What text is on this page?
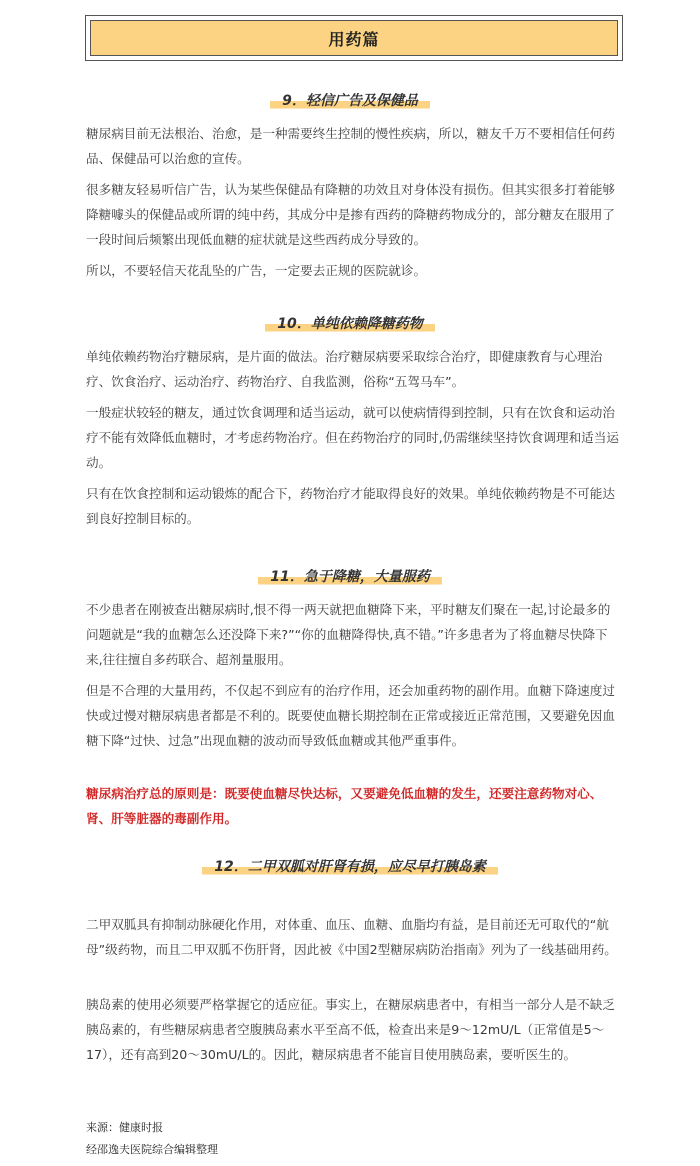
用药篇
9．轻信广告及保健品

糖尿病目前无法根治、治愈，是一种需要终生控制的慢性疾病，所以，糖友千万不要相信任何药品、保健品可以治愈的宣传。

很多糖友轻易听信广告，认为某些保健品有降糖的功效且对身体没有损伤。但其实很多打着能够降糖噱头的保健品或所谓的纯中药，其成分中是掺有西药的降糖药物成分的，部分糖友在服用了一段时间后频繁出现低血糖的症状就是这些西药成分导致的。

所以，不要轻信天花乱坠的广告，一定要去正规的医院就诊。

10．单纯依赖降糖药物

单纯依赖药物治疗糖尿病，是片面的做法。治疗糖尿病要采取综合治疗，即健康教育与心理治疗、饮食治疗、运动治疗、药物治疗、自我监测，俗称“五驾马车”。

一般症状较轻的糖友，通过饮食调理和适当运动，就可以使病情得到控制，只有在饮食和运动治疗不能有效降低血糖时，才考虑药物治疗。但在药物治疗的同时,仍需继续坚持饮食调理和适当运动。

只有在饮食控制和运动锻炼的配合下，药物治疗才能取得良好的效果。单纯依赖药物是不可能达到良好控制目标的。

11．急于降糖，大量服药

不少患者在刚被查出糖尿病时,恨不得一两天就把血糖降下来，平时糖友们聚在一起,讨论最多的问题就是“我的血糖怎么还没降下来?”“你的血糖降得快,真不错。”许多患者为了将血糖尽快降下来,往往擅自多药联合、超剂量服用。

但是不合理的大量用药，不仅起不到应有的治疗作用，还会加重药物的副作用。血糖下降速度过快或过慢对糖尿病患者都是不利的。既要使血糖长期控制在正常或接近正常范围，又要避免因血糖下降“过快、过急”出现血糖的波动而导致低血糖或其他严重事件。

糖尿病治疗总的原则是：既要使血糖尽快达标，又要避免低血糖的发生，还要注意药物对心、肾、肝等脏器的毒副作用。

12．二甲双胍对肝肾有损，应尽早打胰岛素

二甲双胍具有抑制动脉硬化作用，对体重、血压、血糖、血脂均有益，是目前还无可取代的“航母”级药物，而且二甲双胍不伤肝肾，因此被《中国2型糖尿病防治指南》列为了一线基础用药。

胰岛素的使用必须要严格掌握它的适应征。事实上，在糖尿病患者中，有相当一部分人是不缺乏胰岛素的，有些糖尿病患者空腹胰岛素水平至高不低，检查出来是9～12mU/L（正常值是5～17），还有高到20～30mU/L的。因此，糖尿病患者不能盲目使用胰岛素，要听医生的。

来源：健康时报
经邵逸夫医院综合编辑整理
